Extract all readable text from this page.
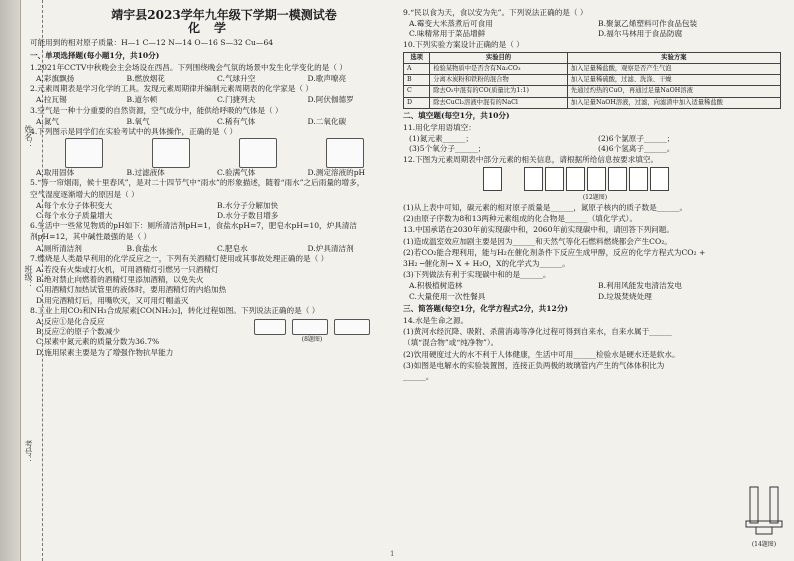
姓名：
班级：
考号：
靖宇县2023学年九年级下学期一模测试卷
化学
可能用到的相对原子质量：H—1 C—12 N—14 O—16 S—32 Cu—64
一、单项选择题(每小题1分，共10分)
1.2021年CCTV中秋晚会主会场设在西昌。下列围绕晚会气氛的场景中发生化学变化的是（ ）
A.彩旗飘扬	B.燃放烟花	C.气球升空	D.歌声嘹亮
2.元素周期表是学习化学的工具。发现元素周期律并编制元素周期表的化学家是（ ）
A.拉瓦锡	B.道尔顿	C.门捷列夫	D.阿伏伽德罗
3.空气是一种十分重要的自然资源，空气成分中，能供给呼吸的气体是（ ）
A.氮气	B.氧气	C.稀有气体	D.二氧化碳
4.下列图示是同学们在实验考试中的具体操作，正确的是（ ）
A.取用固体	B.过滤液体	C.验满气体	D.测定溶液的pH
5.“等一帘烟雨，候十里春风”，是对二十四节气中“雨水”的形象描述，随着“雨水”之后雨量的增多，
空气湿度逐渐增大的原因是（ ）
A.每个水分子体积变大	B.水分子分解加快
C.每个水分子质量增大	D.水分子数目增多
6.生活中一些常见物质的pH如下：厕所清洁剂pH=1，食盐水pH=7，肥皂水pH=10，炉具清洁
剂pH=12，其中碱性最强的是（ ）
A.厕所清洁剂	B.食盐水	C.肥皂水	D.炉具清洁剂
7.燃烧是人类最早利用的化学反应之一，下列有关酒精灯使用或其事故处理正确的是（ ）
A.若没有火柴或打火机，可用酒精灯引燃另一只酒精灯
B.绝对禁止向燃着的酒精灯里添加酒精，以免失火
C.用酒精灯加热试管里的液体时，要用酒精灯的内焰加热
D.用完酒精灯后，用嘴吹灭，又可用灯帽盖灭
8.工业上用CO₂和NH₃合成尿素[CO(NH₂)₂]，转化过程如图。下列说法正确的是（ ）
A.反应①是化合反应
B.反应②的原子个数减少
C.尿素中氮元素的质量分数为36.7%
D.施用尿素主要是为了增强作物抗旱能力
(8题图)
9.“民以食为天，食以安为先”。下列说法正确的是（ ）
A.霉变大米蒸煮后可食用	B.聚氯乙烯塑料可作食品包装
C.味精常用于菜品增鲜	D.福尔马林用于食品防腐
10.下列实验方案设计正确的是（ ）
选项	实验目的	实验方案
A	检验某物质中是否含有Na₂CO₃	加入足量稀盐酸，观察是否产生气泡
B	分离木炭粉和铁粉的混合物	加入足量稀硫酸，过滤、洗涤、干燥
C	除去O₂中混有的CO(质量比为1:1)	先通过灼热的CuO，再通过足量NaOH溶液
D	除去CuCl₂溶液中混有的NaCl	加入足量NaOH溶液，过滤，向滤渣中加入适量稀盐酸
二、填空题(每空1分，共10分)
11.用化学用语填空：
(1)氮元素______；	(2)6个氯原子______；
(3)5个氧分子______；	(4)6个氢离子______。
12.下图为元素周期表中部分元素的相关信息，请根据所给信息按要求填空。
(12题图)
(1)从上表中可知，碳元素的相对原子质量是______，氮原子核内的质子数是______。
(2)由原子序数为8和13两种元素组成的化合物是______（填化学式）。
13.中国承诺在2030年前实现碳中和，2060年前实现碳中和，请回答下列问题。
(1)造成温室效应加剧主要是因为______和天然气等化石燃料燃烧都会产生CO₂。
(2)若CO₂能合理利用，能与H₂在催化剂条件下反应生成甲醇，反应的化学方程式为CO₂ +
3H₂ ─催化剂→ X + H₂O，X的化学式为______。
(3)下列做法有利于实现碳中和的是______。
A.积极植树造林	B.利用风能发电清洁发电
C.大量使用一次性餐具	D.垃圾焚烧处理
三、简答题(每空1分，化学方程式2分，共12分)
14.水是生命之源。
(1)黄河水经沉降、吸附、杀菌消毒等净化过程可得到自来水，自来水属于______
（填“混合物”或“纯净物”）。
(2)饮用硬度过大的水不利于人体健康，生活中可用______检验水是硬水还是软水。
(3)如图是电解水的实验装置图，连接正负两极的玻璃管内产生的气体体积比为
______。
(14题图)
1
